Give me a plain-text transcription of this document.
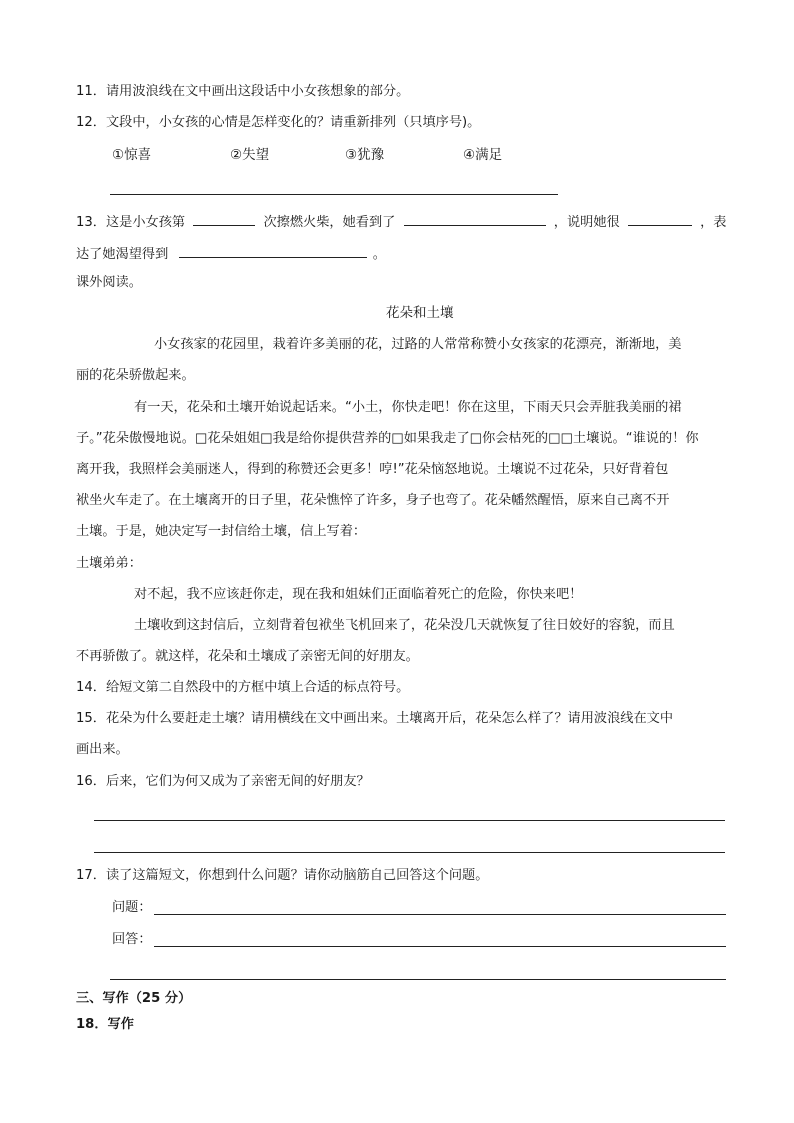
11．请用波浪线在文中画出这段话中小女孩想象的部分。
12．文段中，小女孩的心情是怎样变化的？请重新排列（只填序号)。
①惊喜	②失望	③犹豫	④满足
13．这是小女孩第	次擦燃火柴，她看到了	，说明她很	，表
达了她渴望得到	。
课外阅读。
花朵和土壤
小女孩家的花园里，栽着许多美丽的花，过路的人常常称赞小女孩家的花漂亮，渐渐地，美
丽的花朵骄傲起来。
有一天，花朵和土壤开始说起话来。“小土，你快走吧！你在这里，下雨天只会弄脏我美丽的裙
子。”花朵傲慢地说。□花朵姐姐□我是给你提供营养的□如果我走了□你会枯死的□□土壤说。“谁说的！你
离开我，我照样会美丽迷人，得到的称赞还会更多！哼!”花朵恼怒地说。土壤说不过花朵，只好背着包
袱坐火车走了。在土壤离开的日子里，花朵憔悴了许多，身子也弯了。花朵幡然醒悟，原来自己离不开
土壤。于是，她决定写一封信给土壤，信上写着：
土壤弟弟：
对不起，我不应该赶你走，现在我和姐妹们正面临着死亡的危险，你快来吧！
土壤收到这封信后，立刻背着包袱坐飞机回来了，花朵没几天就恢复了往日姣好的容貌，而且
不再骄傲了。就这样，花朵和土壤成了亲密无间的好朋友。
14．给短文第二自然段中的方框中填上合适的标点符号。
15．花朵为什么要赶走土壤？请用横线在文中画出来。土壤离开后，花朵怎么样了？请用波浪线在文中
画出来。
16．后来，它们为何又成为了亲密无间的好朋友？
17．读了这篇短文，你想到什么问题？请你动脑筋自己回答这个问题。
问题：
回答：
三、写作（25 分）
18．写作
